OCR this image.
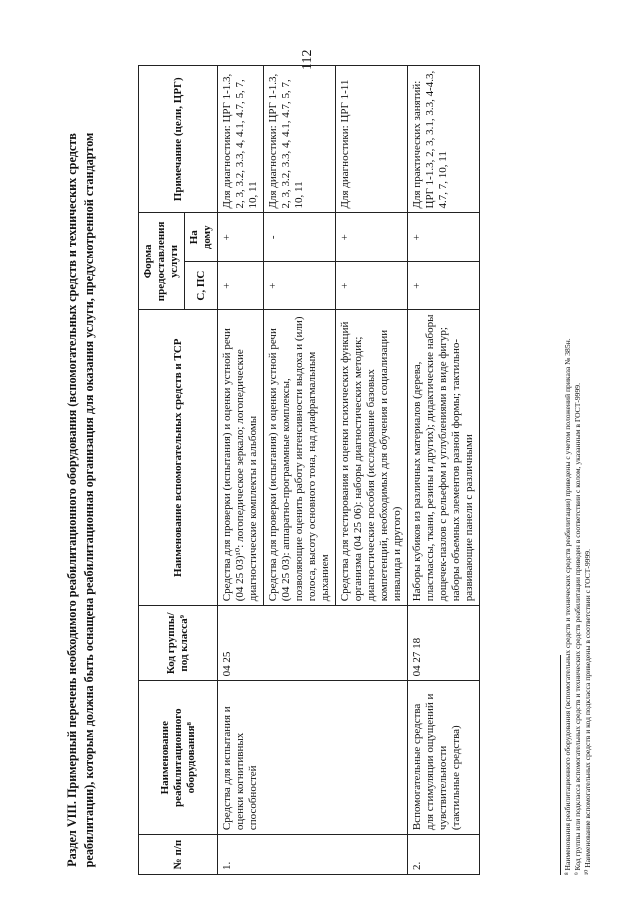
112
Раздел VIII. Примерный перечень необходимого реабилитационного оборудования (вспомогательных средств и технических средств реабилитации), которым должна быть оснащена реабилитационная организация для оказания услуги, предусмотренной стандартом	№ п/п	Наименование реабилитационного оборудования⁸	Код группы/под класса⁹	Наименование вспомогательных средств и ТСР	Форма предоставления услуги		Примечание (цели, ЦРГ)
				С, ПС	На дому	
1.	Средства для испытания и оценки когнитивных способностей	04 25	Средства для проверки (испытания) и оценки устной речи (04 25 03)¹⁰: логопедическое зеркало; логопедические диагностические комплекты и альбомы	+	+	Для диагностики: ЦРГ 1-1.3, 2, 3, 3.2, 3.3, 4, 4.1, 4.7, 5, 7, 10, 11
			Средства для проверки (испытания) и оценки устной речи (04 25 03): аппаратно-программные комплексы, позволяющие оценить работу интенсивности выдоха и (или) голоса, высоту основного тона, над диафрагмальным дыханием	+	-	Для диагностики: ЦРГ 1-1.3, 2, 3, 3.2, 3.3, 4, 4.1, 4.7, 5, 7, 10, 11
			Средства для тестирования и оценки психических функций организма (04 25 06): наборы диагностических методик; диагностические пособия (исследование базовых компетенций, необходимых для обучения и социализации инвалида и другого)	+	+	Для диагностики: ЦРГ 1-11
2.	Вспомогательные средства для стимуляции ощущений и чувствительности (тактильные средства)	04 27 18	Наборы кубиков из различных материалов (дерева, пластмассы, ткани, резины и других); дидактические наборы дощечек-пазлов с рельефом и углублениями в виде фигур; наборы объемных элементов разной формы; тактильно-развивающие панели с различными	+	+	Для практических занятий: ЦРГ 1-1.3, 2, 3, 3.1, 3.3, 4-4.3, 4.7, 7, 10, 11
⁸ Наименования реабилитационного оборудования (вспомогательных средств и технических средств реабилитации) приведены с учетом положений приказа № 385н. ⁹ Код группы или подкласса вспомогательных средств и технических средств реабилитации приведен в соответствии с колом, указанным в ГОСТ-9999. ¹⁰ Наименование вспомогательных средств и код подкласса приведены в соответствии с ГОСТ-9999.
